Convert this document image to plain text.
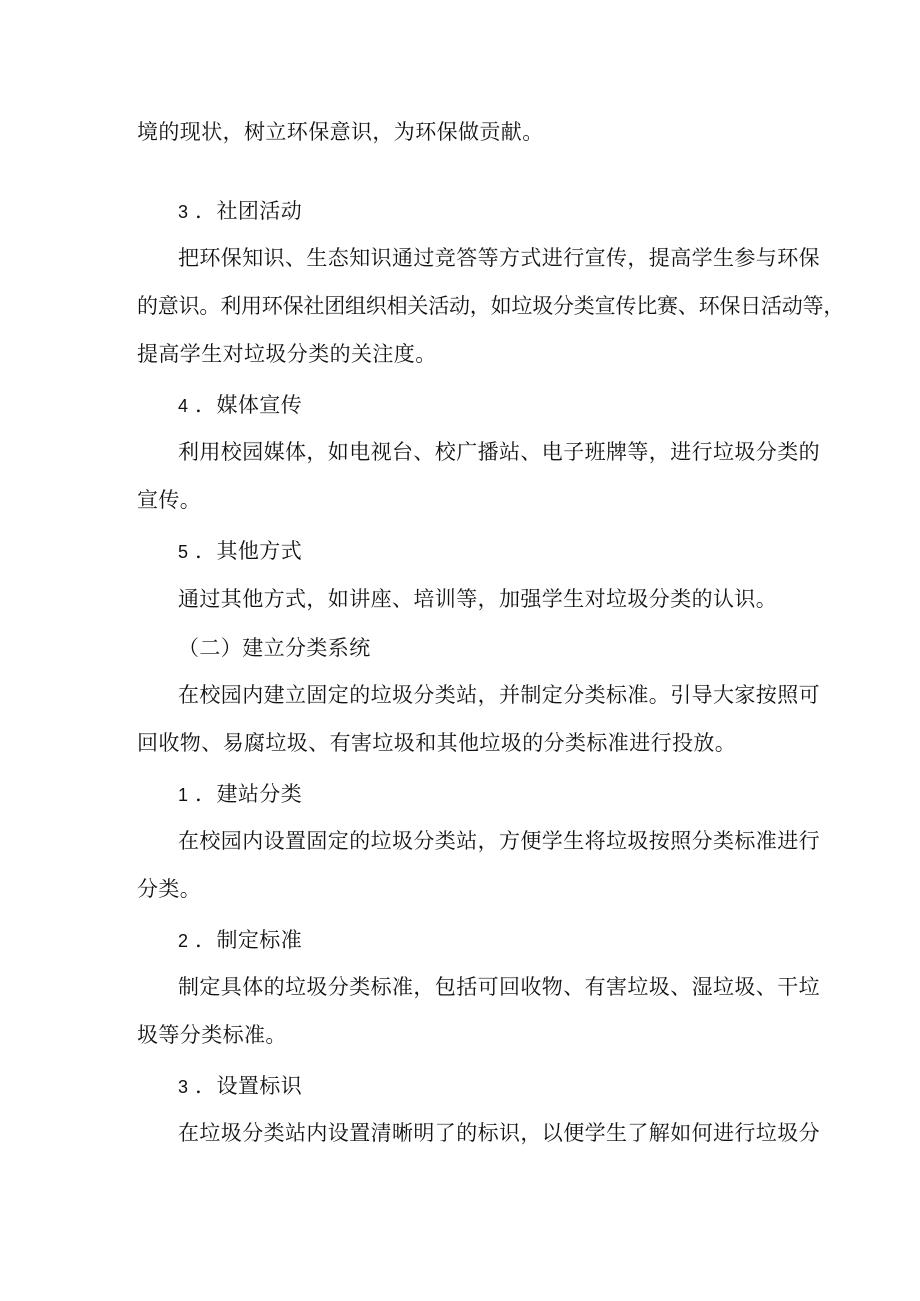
境的现状，树立环保意识，为环保做贡献。
3 ．社团活动
把环保知识、生态知识通过竞答等方式进行宣传，提高学生参与环保
的意识。利用环保社团组织相关活动，如垃圾分类宣传比赛、环保日活动等，
提高学生对垃圾分类的关注度。
4 ．媒体宣传
利用校园媒体，如电视台、校广播站、电子班牌等，进行垃圾分类的
宣传。
5 ．其他方式
通过其他方式，如讲座、培训等，加强学生对垃圾分类的认识。
（二）建立分类系统
在校园内建立固定的垃圾分类站，并制定分类标准。引导大家按照可
回收物、易腐垃圾、有害垃圾和其他垃圾的分类标准进行投放。
1 ．建站分类
在校园内设置固定的垃圾分类站，方便学生将垃圾按照分类标准进行
分类。
2 ．制定标准
制定具体的垃圾分类标准，包括可回收物、有害垃圾、湿垃圾、干垃
圾等分类标准。
3 ．设置标识
在垃圾分类站内设置清晰明了的标识，以便学生了解如何进行垃圾分
